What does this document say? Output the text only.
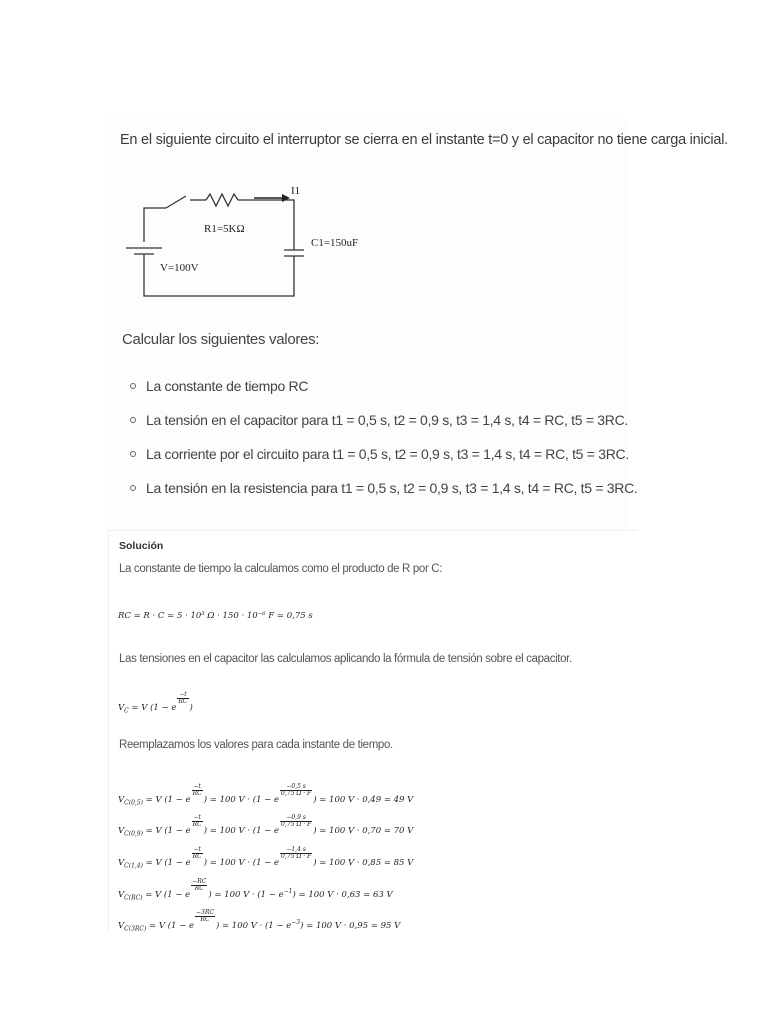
En el siguiente circuito el interruptor se cierra en el instante t=0 y el capacitor no tiene carga inicial.
I1
R1=5KΩ
C1=150uF
V=100V
Calcular los siguientes valores:
La constante de tiempo RC
La tensión en el capacitor para t1 = 0,5 s, t2 = 0,9 s, t3 = 1,4 s, t4 = RC, t5 = 3RC.
La corriente por el circuito para t1 = 0,5 s, t2 = 0,9 s, t3 = 1,4 s, t4 = RC, t5 = 3RC.
La tensión en la resistencia para t1 = 0,5 s, t2 = 0,9 s, t3 = 1,4 s, t4 = RC, t5 = 3RC.
Solución
La constante de tiempo la calculamos como el producto de R por C:
RC = R · C = 5 · 10³ Ω · 150 · 10⁻⁶ F = 0,75 s
Las tensiones en el capacitor las calculamos aplicando la fórmula de tensión sobre el capacitor.
$V_C = V$ (1 − e
$\frac{-t}{RC}$
)
Reemplazamos los valores para cada instante de tiempo.
$V_{C(0,5)} = V$ (1 − e
$\frac{-t}{RC}$
) = 100 V · (1 − e
$\frac{-0,5 s}{0,75 \Omega \cdot F}$
) = 100 V · 0,49 = 49 V
$V_{C(0,9)} = V$ (1 − e
$\frac{-t}{RC}$
) = 100 V · (1 − e
$\frac{-0,9 s}{0,75 \Omega \cdot F}$
) = 100 V · 0,70 = 70 V
$V_{C(1,4)} = V$ (1 − e
$\frac{-t}{RC}$
) = 100 V · (1 − e
$\frac{-1,4 s}{0,75 \Omega \cdot F}$
) = 100 V · 0,85 = 85 V
$V_{C(RC)} = V$ (1 − e
$\frac{-RC}{RC}$
) = 100 $V \cdot (1 - e^{-1}) = 100$ V · 0,63 = 63 V
$V_{C(3RC)} = V$ (1 − e
$\frac{-3RC}{RC}$
) = 100 $V \cdot (1 - e^{-3}) = 100$ V · 0,95 = 95 V
